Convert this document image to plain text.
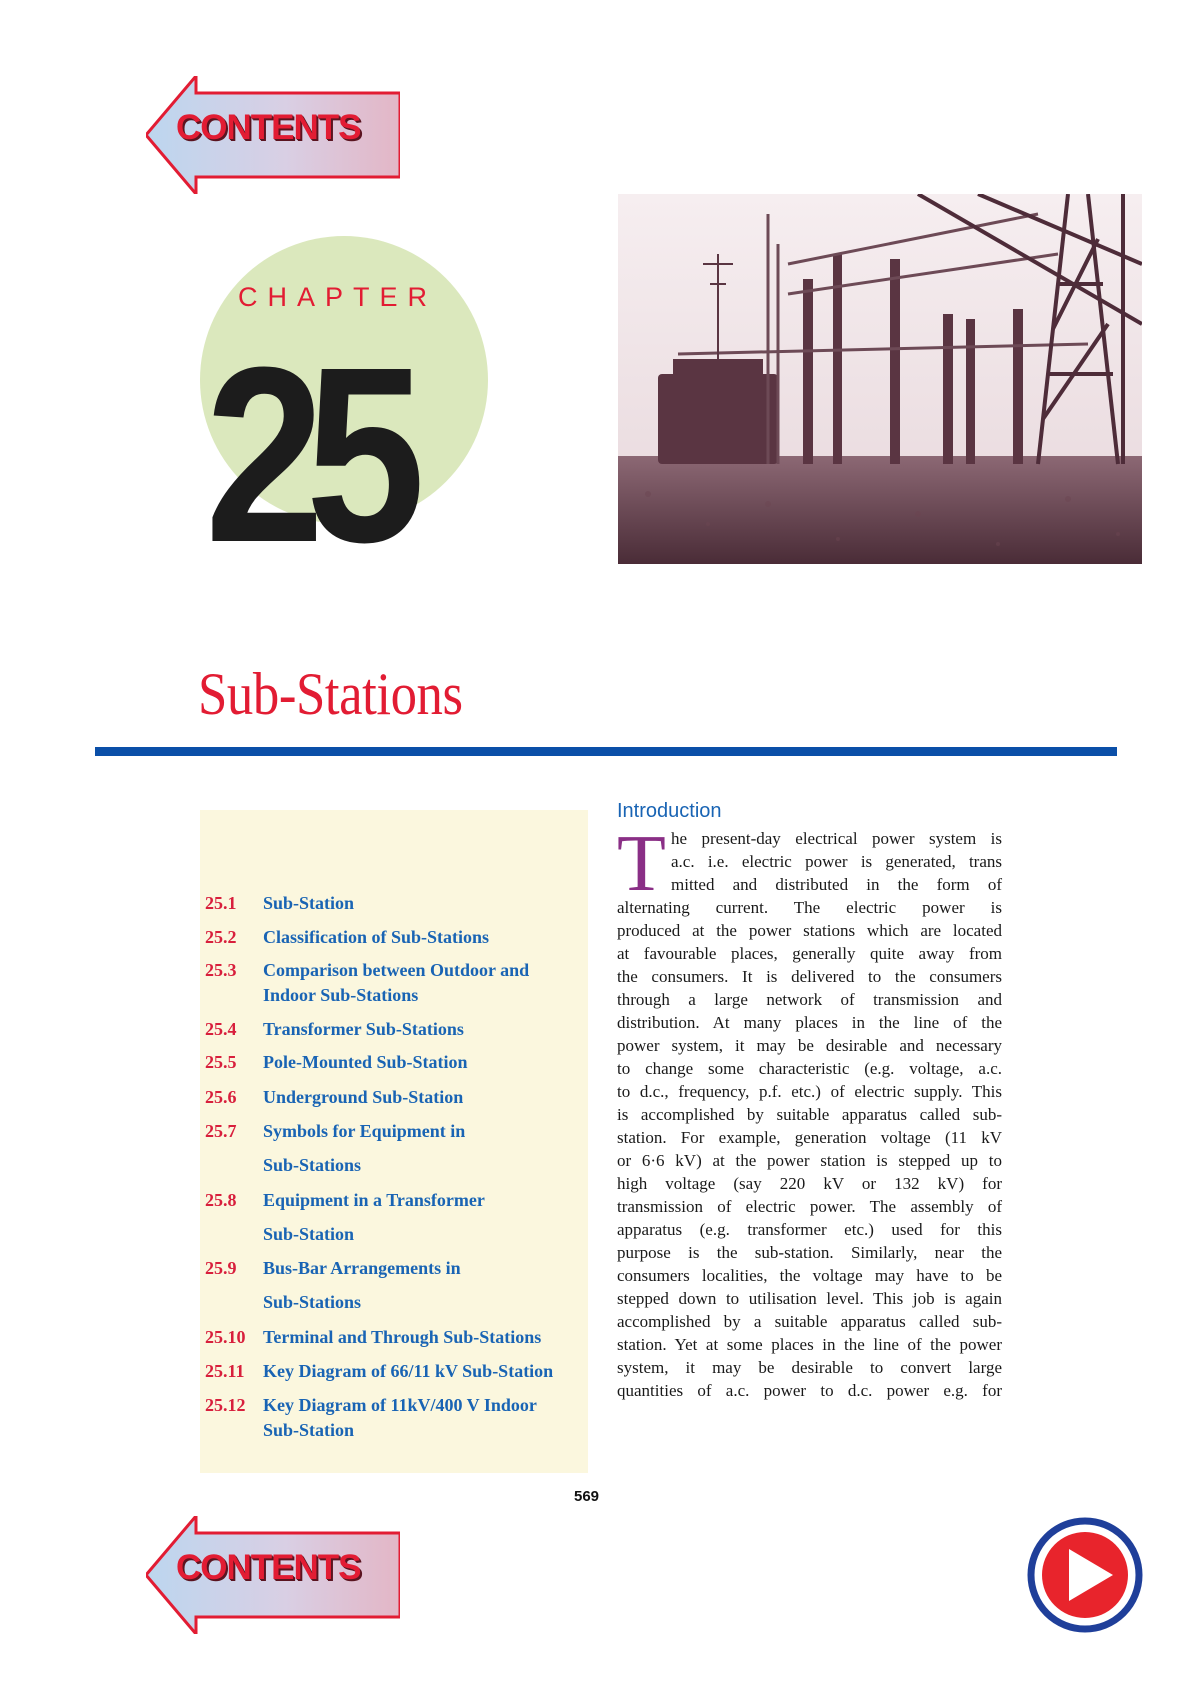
CONTENTS
CHAPTER
25
Sub-Stations
25.1 Sub-Station
25.2 Classification of Sub-Stations
25.3 Comparison between Outdoor and
Indoor Sub-Stations
25.4 Transformer Sub-Stations
25.5 Pole-Mounted Sub-Station
25.6 Underground Sub-Station
25.7 Symbols for Equipment in
Sub-Stations
25.8 Equipment in a Transformer
Sub-Station
25.9 Bus-Bar Arrangements in
Sub-Stations
25.10 Terminal and Through Sub-Stations
25.11 Key Diagram of 66/11 kV Sub-Station
25.12 Key Diagram of 11kV/400 V Indoor
Sub-Station
Introduction
T he present-day electrical power system is
a.c. i.e. electric power is generated, trans
mitted and distributed in the form of
alternating current. The electric power is
produced at the power stations which are located
at favourable places, generally quite away from
the consumers. It is delivered to the consumers
through a large network of transmission and
distribution. At many places in the line of the
power system, it may be desirable and necessary
to change some characteristic (e.g. voltage, a.c.
to d.c., frequency, p.f. etc.) of electric supply. This
is accomplished by suitable apparatus called sub-
station. For example, generation voltage (11 kV
or 6·6 kV) at the power station is stepped up to
high voltage (say 220 kV or 132 kV) for
transmission of electric power. The assembly of
apparatus (e.g. transformer etc.) used for this
purpose is the sub-station. Similarly, near the
consumers localities, the voltage may have to be
stepped down to utilisation level. This job is again
accomplished by a suitable apparatus called sub-
station. Yet at some places in the line of the power
system, it may be desirable to convert large
quantities of a.c. power to d.c. power e.g. for
569
CONTENTS
